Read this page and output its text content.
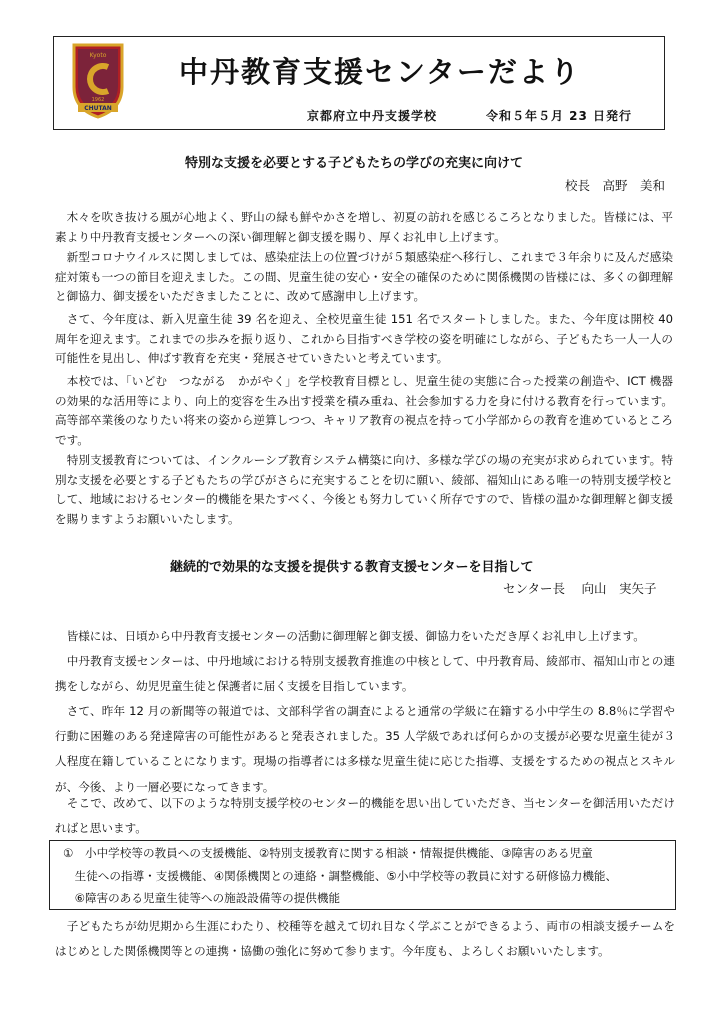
Kyoto
1962
CHUTAN
中丹教育支援センターだより
京都府立中丹支援学校	令和５年５月 23 日発行
特別な支援を必要とする子どもたちの学びの充実に向けて
校長　高野　美和

　木々を吹き抜ける風が心地よく、野山の緑も鮮やかさを増し、初夏の訪れを感じるころとなりました。皆様には、平素より中丹教育支援センターへの深い御理解と御支援を賜り、厚くお礼申し上げます。

　新型コロナウイルスに関しましては、感染症法上の位置づけが５類感染症へ移行し、これまで３年余りに及んだ感染症対策も一つの節目を迎えました。この間、児童生徒の安心・安全の確保のために関係機関の皆様には、多くの御理解と御協力、御支援をいただきましたことに、改めて感謝申し上げます。

　さて、今年度は、新入児童生徒 39 名を迎え、全校児童生徒 151 名でスタートしました。また、今年度は開校 40 周年を迎えます。これまでの歩みを振り返り、これから目指すべき学校の姿を明確にしながら、子どもたち一人一人の可能性を見出し、伸ばす教育を充実・発展させていきたいと考えています。

　本校では、「いどむ　つながる　かがやく」を学校教育目標とし、児童生徒の実態に合った授業の創造や、ICT 機器の効果的な活用等により、向上的変容を生み出す授業を積み重ね、社会参加する力を身に付ける教育を行っています。高等部卒業後のなりたい将来の姿から逆算しつつ、キャリア教育の視点を持って小学部からの教育を進めているところです。

　特別支援教育については、インクルーシブ教育システム構築に向け、多様な学びの場の充実が求められています。特別な支援を必要とする子どもたちの学びがさらに充実することを切に願い、綾部、福知山にある唯一の特別支援学校として、地域におけるセンター的機能を果たすべく、今後とも努力していく所存ですので、皆様の温かな御理解と御支援を賜りますようお願いいたします。

継続的で効果的な支援を提供する教育支援センターを目指して
センター長　 向山　実矢子

　皆様には、日頃から中丹教育支援センターの活動に御理解と御支援、御協力をいただき厚くお礼申し上げます。

　中丹教育支援センターは、中丹地域における特別支援教育推進の中核として、中丹教育局、綾部市、福知山市との連携をしながら、幼児児童生徒と保護者に届く支援を目指しています。

　さて、昨年 12 月の新聞等の報道では、文部科学省の調査によると通常の学級に在籍する小中学生の 8.8％に学習や行動に困難のある発達障害の可能性があると発表されました。35 人学級であれば何らかの支援が必要な児童生徒が３人程度在籍していることになります。現場の指導者には多様な児童生徒に応じた指導、支援をするための視点とスキルが、今後、より一層必要になってきます。

　そこで、改めて、以下のような特別支援学校のセンター的機能を思い出していただき、当センターを御活用いただければと思います。

①　小中学校等の教員への支援機能、②特別支援教育に関する相談・情報提供機能、③障害のある児童
　生徒への指導・支援機能、④関係機関との連絡・調整機能、⑤小中学校等の教員に対する研修協力機能、
　⑥障害のある児童生徒等への施設設備等の提供機能

　子どもたちが幼児期から生涯にわたり、校種等を越えて切れ目なく学ぶことができるよう、両市の相談支援チームをはじめとした関係機関等との連携・協働の強化に努めて参ります。今年度も、よろしくお願いいたします。
